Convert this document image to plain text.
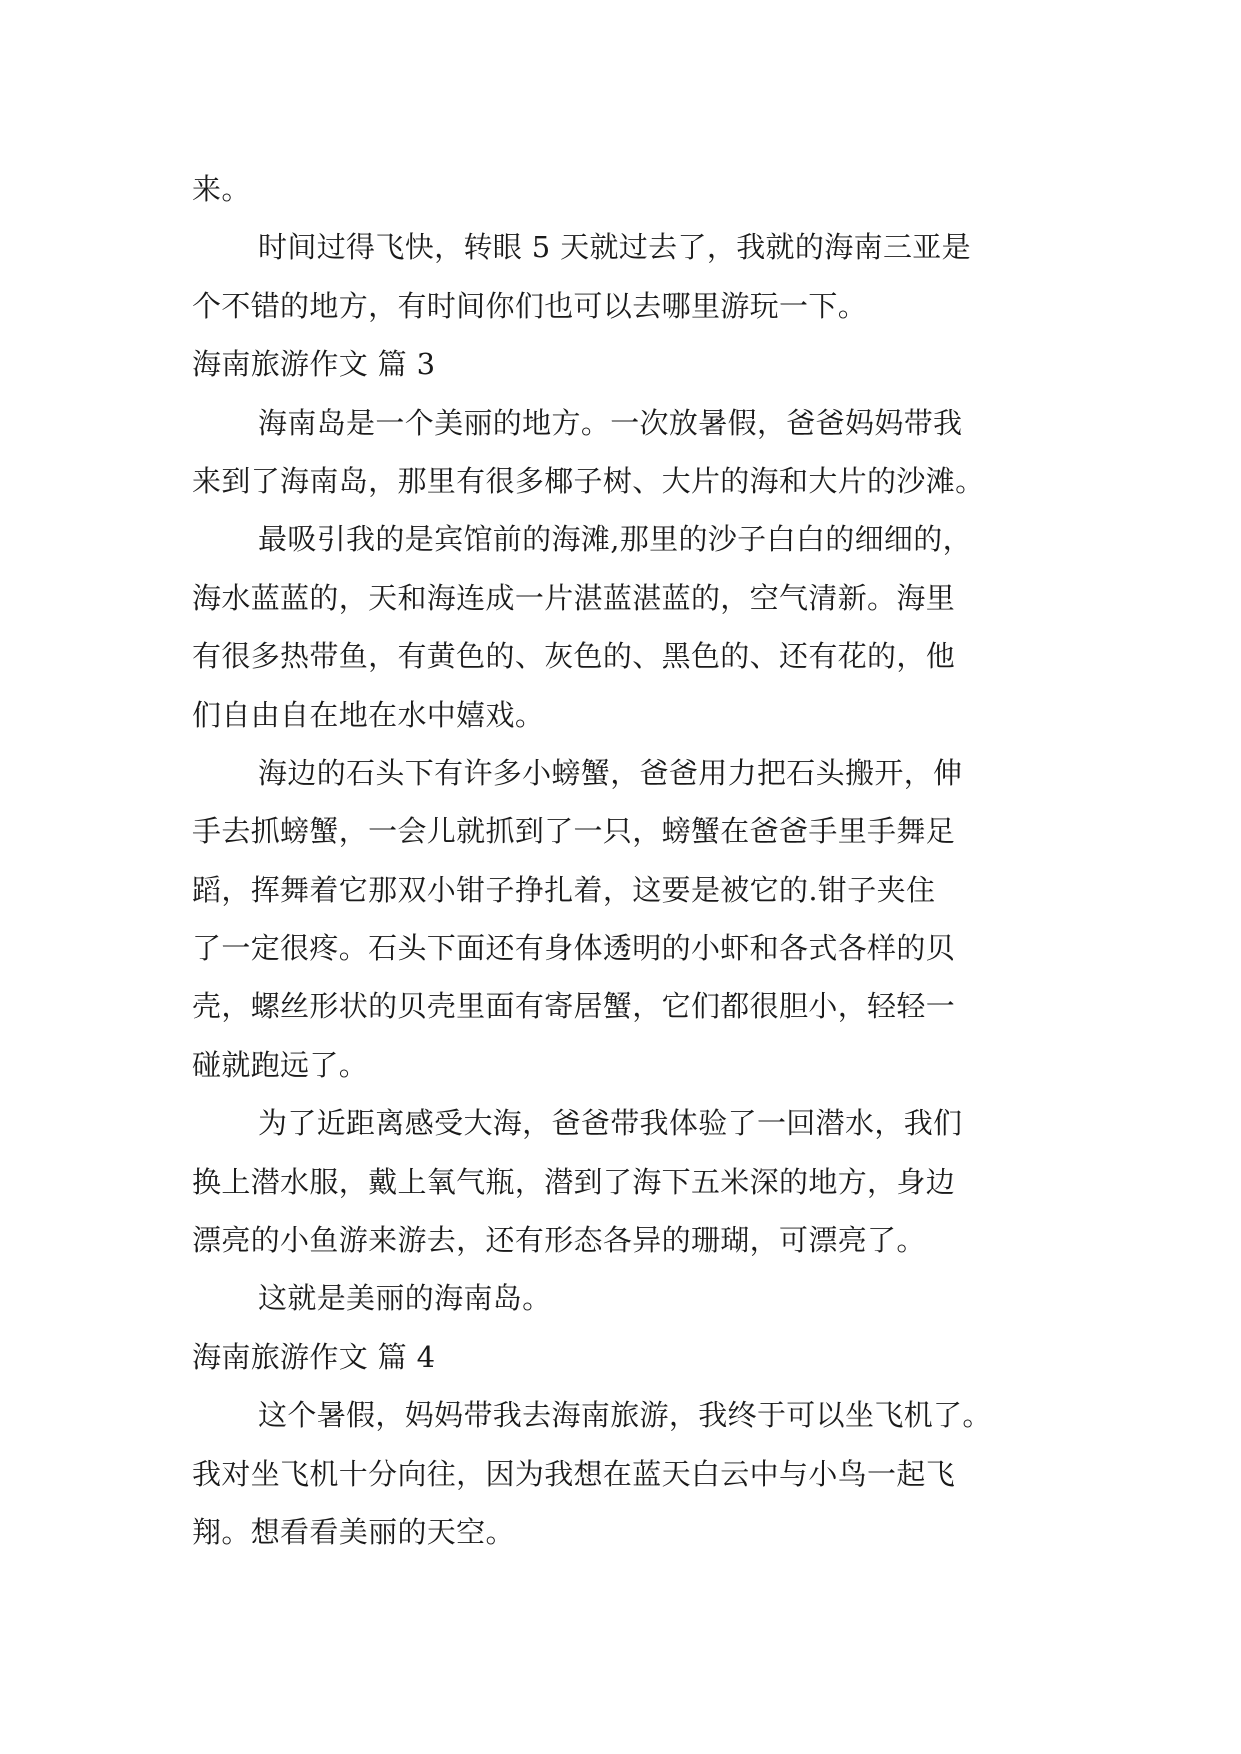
来。
时间过得飞快，转眼 5 天就过去了，我就的海南三亚是
个不错的地方，有时间你们也可以去哪里游玩一下。
海南旅游作文 篇 3
海南岛是一个美丽的地方。一次放暑假，爸爸妈妈带我
来到了海南岛，那里有很多椰子树、大片的海和大片的沙滩。
最吸引我的是宾馆前的海滩,那里的沙子白白的细细的，
海水蓝蓝的，天和海连成一片湛蓝湛蓝的，空气清新。海里
有很多热带鱼，有黄色的、灰色的、黑色的、还有花的，他
们自由自在地在水中嬉戏。
海边的石头下有许多小螃蟹，爸爸用力把石头搬开，伸
手去抓螃蟹，一会儿就抓到了一只，螃蟹在爸爸手里手舞足
蹈，挥舞着它那双小钳子挣扎着，这要是被它的.钳子夹住
了一定很疼。石头下面还有身体透明的小虾和各式各样的贝
壳，螺丝形状的贝壳里面有寄居蟹，它们都很胆小，轻轻一
碰就跑远了。
为了近距离感受大海，爸爸带我体验了一回潜水，我们
换上潜水服，戴上氧气瓶，潜到了海下五米深的地方，身边
漂亮的小鱼游来游去，还有形态各异的珊瑚，可漂亮了。
这就是美丽的海南岛。
海南旅游作文 篇 4
这个暑假，妈妈带我去海南旅游，我终于可以坐飞机了。
我对坐飞机十分向往，因为我想在蓝天白云中与小鸟一起飞
翔。想看看美丽的天空。
